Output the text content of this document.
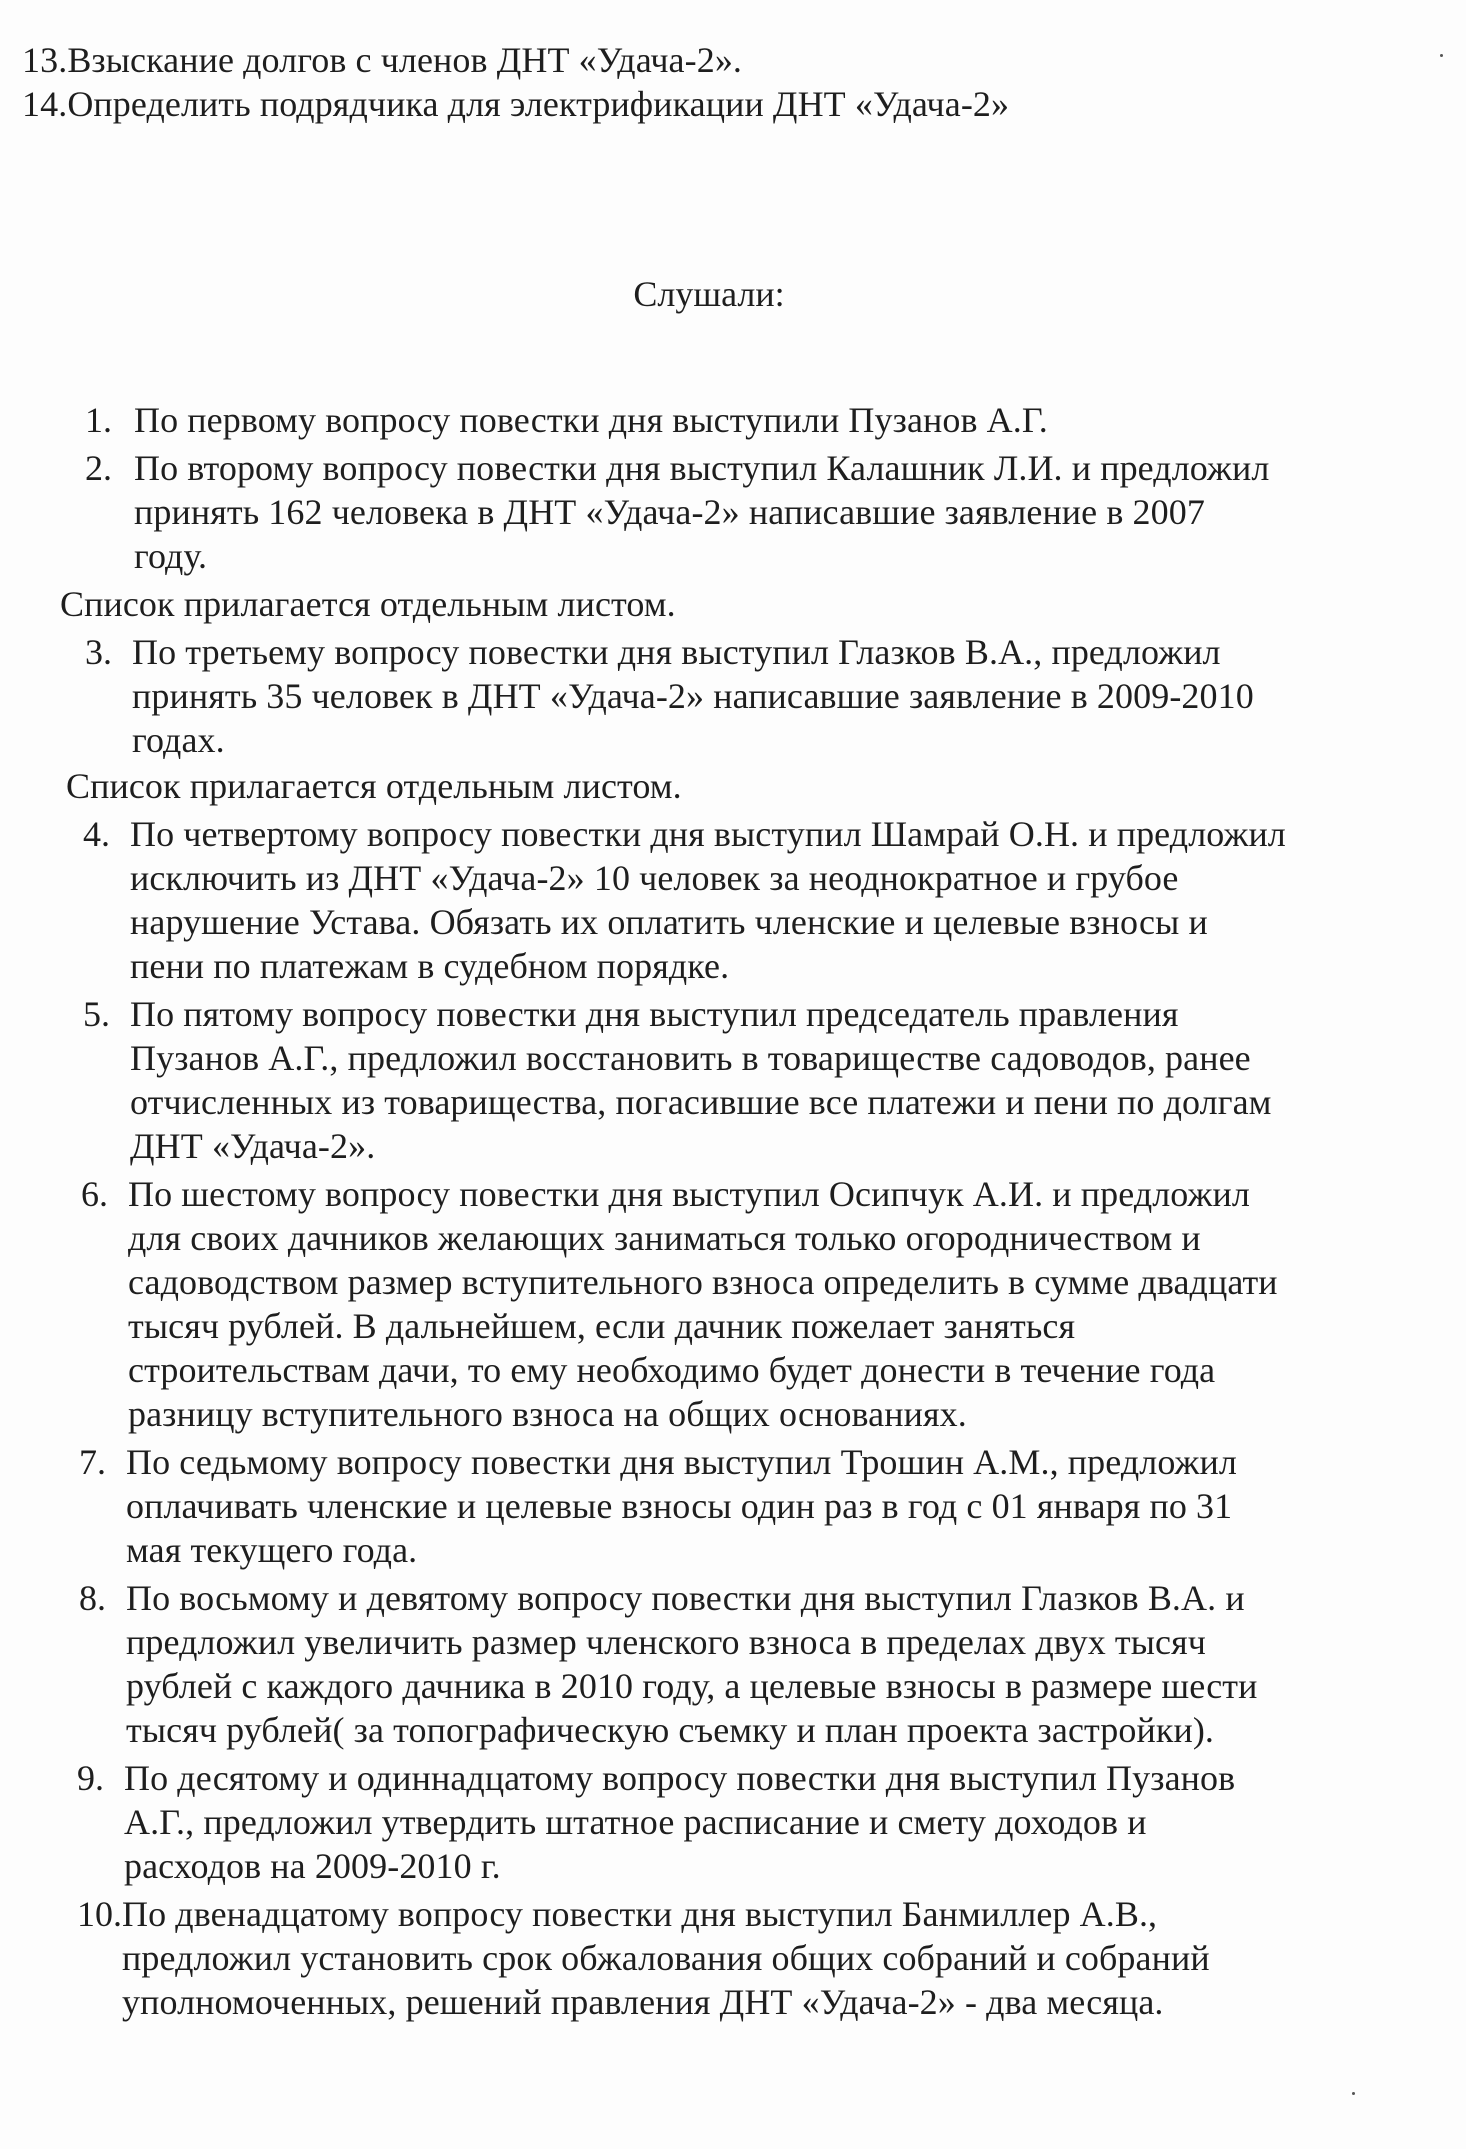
13.Взыскание долгов с членов ДНТ «Удача-2».
14.Определить подрядчика для электрификации ДНТ «Удача-2»
Слушали:
1. По первому вопросу повестки дня выступили Пузанов А.Г.
2. По второму вопросу повестки дня выступил Калашник Л.И. и предложил
принять 162 человека в ДНТ «Удача-2» написавшие заявление в 2007
году.
Список прилагается отдельным листом.
3. По третьему вопросу повестки дня выступил Глазков В.А., предложил
принять 35 человек в ДНТ «Удача-2» написавшие заявление в 2009-2010
годах.
Список прилагается отдельным листом.
4. По четвертому вопросу повестки дня выступил Шамрай О.Н. и предложил
исключить из ДНТ «Удача-2» 10 человек за неоднократное и грубое
нарушение Устава. Обязать их оплатить членские и целевые взносы и
пени по платежам в судебном порядке.
5. По пятому вопросу повестки дня выступил председатель правления
Пузанов А.Г., предложил восстановить в товариществе садоводов, ранее
отчисленных из товарищества, погасившие все платежи и пени по долгам
ДНТ «Удача-2».
6. По шестому вопросу повестки дня выступил Осипчук А.И. и предложил
для своих дачников желающих заниматься только огородничеством и
садоводством размер вступительного взноса определить в сумме двадцати
тысяч рублей. В дальнейшем, если дачник пожелает заняться
строительствам дачи, то ему необходимо будет донести в течение года
разницу вступительного взноса на общих основаниях.
7. По седьмому вопросу повестки дня выступил Трошин А.М., предложил
оплачивать членские и целевые взносы один раз в год с 01 января по 31
мая текущего года.
8. По восьмому и девятому вопросу повестки дня выступил Глазков В.А. и
предложил увеличить размер членского взноса в пределах двух тысяч
рублей с каждого дачника в 2010 году, а целевые взносы в размере шести
тысяч рублей( за топографическую съемку и план проекта застройки).
9. По десятому и одиннадцатому вопросу повестки дня выступил Пузанов
А.Г., предложил утвердить штатное расписание и смету доходов и
расходов на 2009-2010 г.
10. По двенадцатому вопросу повестки дня выступил Банмиллер А.В.,
предложил установить срок обжалования общих собраний и собраний
уполномоченных, решений правления ДНТ «Удача-2» - два месяца.
